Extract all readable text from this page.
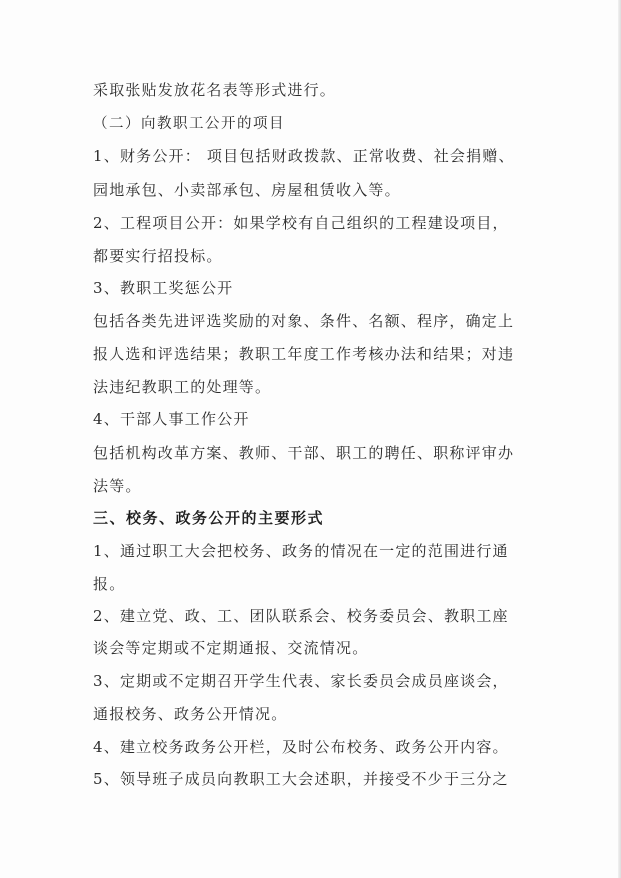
采取张贴发放花名表等形式进行。
（二）向教职工公开的项目
1、财务公开： 项目包括财政拨款、正常收费、社会捐赠、
园地承包、小卖部承包、房屋租赁收入等。
2、工程项目公开：如果学校有自己组织的工程建设项目，
都要实行招投标。
3、教职工奖惩公开
包括各类先进评选奖励的对象、条件、名额、程序，确定上
报人选和评选结果；教职工年度工作考核办法和结果；对违
法违纪教职工的处理等。
4、干部人事工作公开
包括机构改革方案、教师、干部、职工的聘任、职称评审办
法等。
三、校务、政务公开的主要形式
1、通过职工大会把校务、政务的情况在一定的范围进行通
报。
2、建立党、政、工、团队联系会、校务委员会、教职工座
谈会等定期或不定期通报、交流情况。
3、定期或不定期召开学生代表、家长委员会成员座谈会，
通报校务、政务公开情况。
4、建立校务政务公开栏，及时公布校务、政务公开内容。
5、领导班子成员向教职工大会述职，并接受不少于三分之
